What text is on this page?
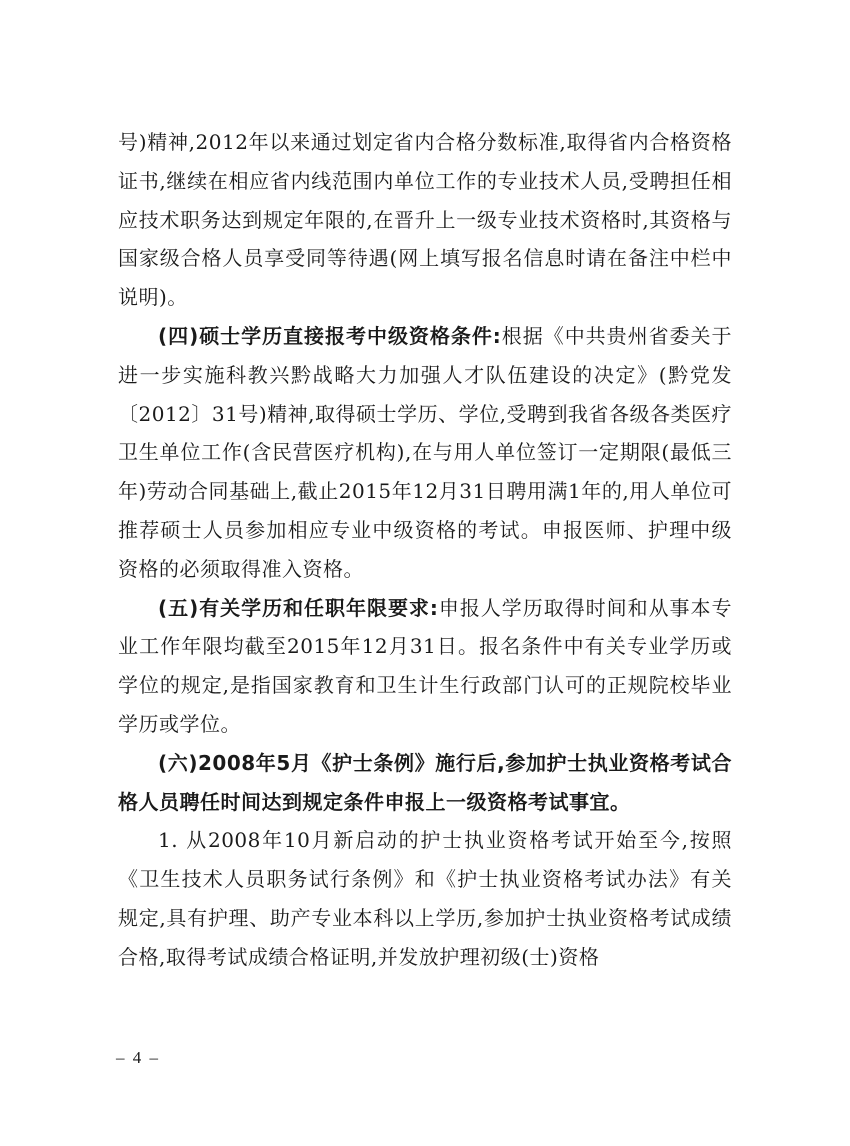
号)精神,2012年以来通过划定省内合格分数标准,取得省内合格资格证书,继续在相应省内线范围内单位工作的专业技术人员,受聘担任相应技术职务达到规定年限的,在晋升上一级专业技术资格时,其资格与国家级合格人员享受同等待遇(网上填写报名信息时请在备注中栏中说明)。

(四)硕士学历直接报考中级资格条件:根据《中共贵州省委关于进一步实施科教兴黔战略大力加强人才队伍建设的决定》(黔党发〔2012〕31号)精神,取得硕士学历、学位,受聘到我省各级各类医疗卫生单位工作(含民营医疗机构),在与用人单位签订一定期限(最低三年)劳动合同基础上,截止2015年12月31日聘用满1年的,用人单位可推荐硕士人员参加相应专业中级资格的考试。申报医师、护理中级资格的必须取得准入资格。

(五)有关学历和任职年限要求:申报人学历取得时间和从事本专业工作年限均截至2015年12月31日。报名条件中有关专业学历或学位的规定,是指国家教育和卫生计生行政部门认可的正规院校毕业学历或学位。

(六)2008年5月《护士条例》施行后,参加护士执业资格考试合格人员聘任时间达到规定条件申报上一级资格考试事宜。

1. 从2008年10月新启动的护士执业资格考试开始至今,按照《卫生技术人员职务试行条例》和《护士执业资格考试办法》有关规定,具有护理、助产专业本科以上学历,参加护士执业资格考试成绩合格,取得考试成绩合格证明,并发放护理初级(士)资格

– 4 –
